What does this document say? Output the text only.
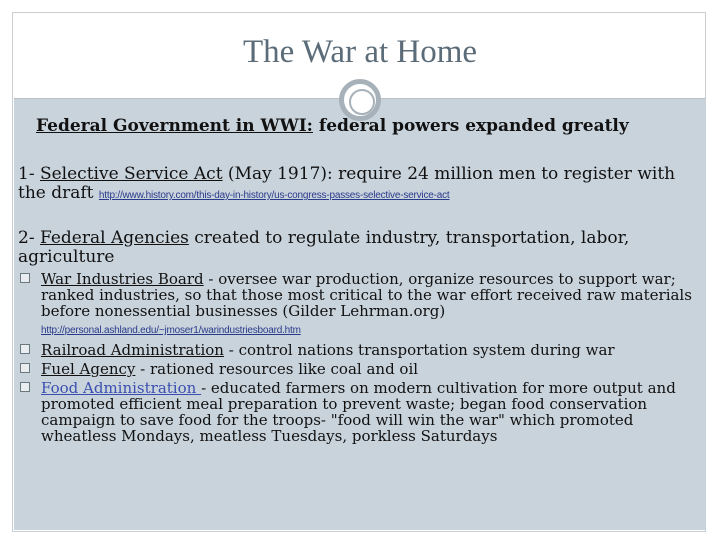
The War at Home
Federal Government in WWI: federal powers expanded greatly
1- Selective Service Act (May 1917): require 24 million men to register with the draft http://www.history.com/this-day-in-history/us-congress-passes-selective-service-act
2- Federal Agencies created to regulate industry, transportation, labor, agriculture
War Industries Board - oversee war production, organize resources to support war; ranked industries, so that those most critical to the war effort received raw materials before nonessential businesses (Gilder Lehrman.org)
http://personal.ashland.edu/~jmoser1/warindustriesboard.htm
Railroad Administration - control nations transportation system during war
Fuel Agency - rationed resources like coal and oil
Food Administration - educated farmers on modern cultivation for more output and promoted efficient meal preparation to prevent waste; began food conservation campaign to save food for the troops- "food will win the war" which promoted wheatless Mondays, meatless Tuesdays, porkless Saturdays
